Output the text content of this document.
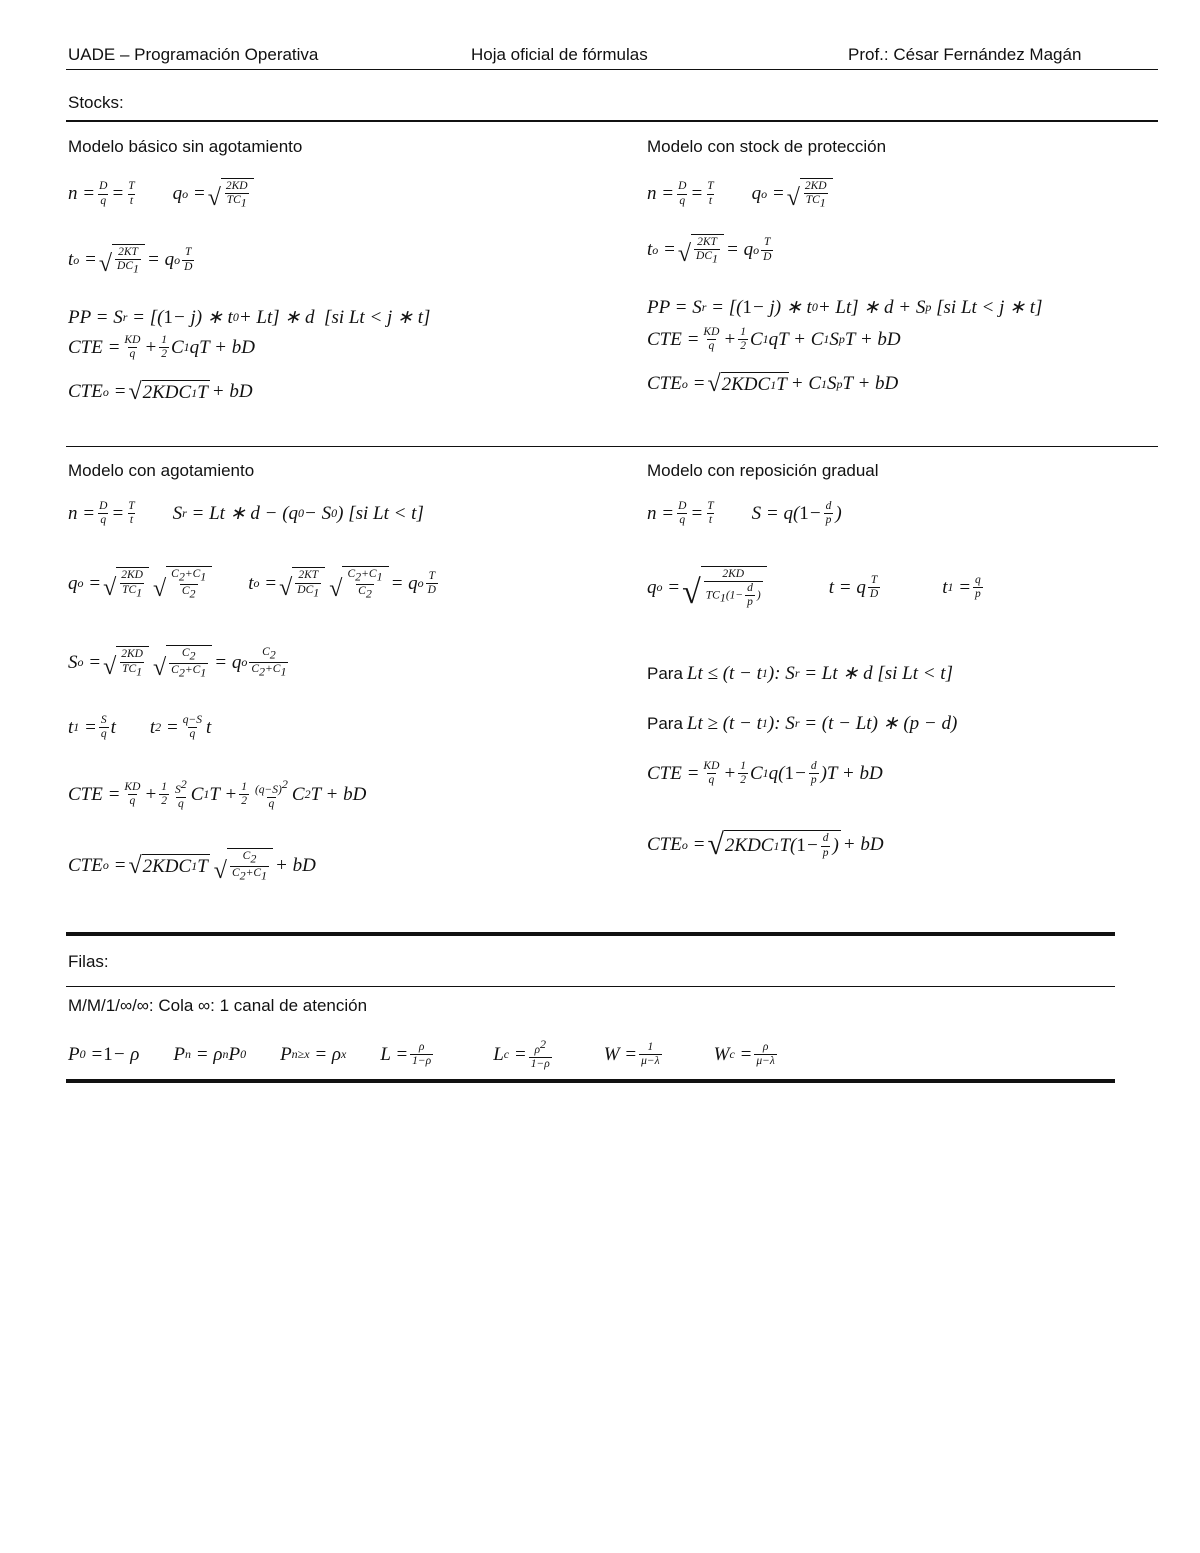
UADE – Programación Operativa	Hoja oficial de fórmulas	Prof.: César Fernández Magán
Stocks:
Modelo básico sin agotamiento
$n = \frac{D}{q} = \frac{T}{t}$ q o = √ $\frac{2KD}{TC_1}$
t o = √ $\frac{2KT}{DC_1} = q$ o $\frac{T}{D}$
PP = S r = [( 1 − j) ∗ t 0 + Lt] ∗ d  [si Lt < j ∗ t]
CTE = $\frac{KD}{q} + \frac{1}{2}$ C 1 qT + bD
CTE o = √ 2KDC 1 T + bD
Modelo con stock de protección
$n = \frac{D}{q} = \frac{T}{t}$ q o = √ $\frac{2KD}{TC_1}$
t o = √ $\frac{2KT}{DC_1} = q$ o $\frac{T}{D}$
PP = S r = [( 1 − j) ∗ t 0 + Lt] ∗ d + S p [si Lt < j ∗ t]
CTE = $\frac{KD}{q} + \frac{1}{2}$ C 1 qT + C 1 S p T + bD
CTE o = √ 2KDC 1 T + C 1 S p T + bD
Modelo con agotamiento
$n = \frac{D}{q} = \frac{T}{t}$ S r = Lt ∗ d − (q 0 − S 0 ) [si Lt < t]
q o = √ $\frac{2KD}{TC_1}$ √ $\frac{C_2+C_1}{C_2}$ t o = √ $\frac{2KT}{DC_1}$ √ $\frac{C_2+C_1}{C_2} = q$ o $\frac{T}{D}$
S o = √ $\frac{2KD}{TC_1}$ √ $\frac{C_2}{C_2+C_1} = q$ o $\frac{C_2}{C_2+C_1}$
t $1 = \frac{S}{q}$ t
t $2 = \frac{q-S}{q}$ t
CTE = $\frac{KD}{q} + \frac{1}{2} \frac{S^2}{q}$ C 1 $T + \frac{1}{2} \frac{(q-S)^2}{q}$ C 2 T + bD
CTE o = √ 2KDC 1 T √ $\frac{C_2}{C_2+C_1}$ + bD
Modelo con reposición gradual
$n = \frac{D}{q} = \frac{T}{t}$ S = q( $1 - \frac{d}{p}$ )
q o = √ $\frac{2KD}{TC_1(1- \frac{d}{p} )}$	t = q $\frac{T}{D}$	t $1 = \frac{q}{p}$
Para Lt ≤ (t − t 1 ): S r = Lt ∗ d [si Lt < t]
Para Lt ≥ (t − t 1 ): S r = (t − Lt) ∗ (p − d)
CTE = $\frac{KD}{q} + \frac{1}{2}$ C 1 q( $1 - \frac{d}{p} )T$ + bD
CTE o = √ 2KDC 1 T( $1 - \frac{d}{p}$ ) + bD
Filas:
M/M/1/∞/∞: Cola ∞: 1 canal de atención
P 0 = 1 − ρ
P n = ρ n P 0 P n≥x = ρ x $L = \frac{\rho}{1-\rho}$	L $c = \frac{\rho^2}{1-\rho}$	$W = \frac{1}{\mu-\lambda}$	W $c = \frac{\rho}{\mu-\lambda}$
